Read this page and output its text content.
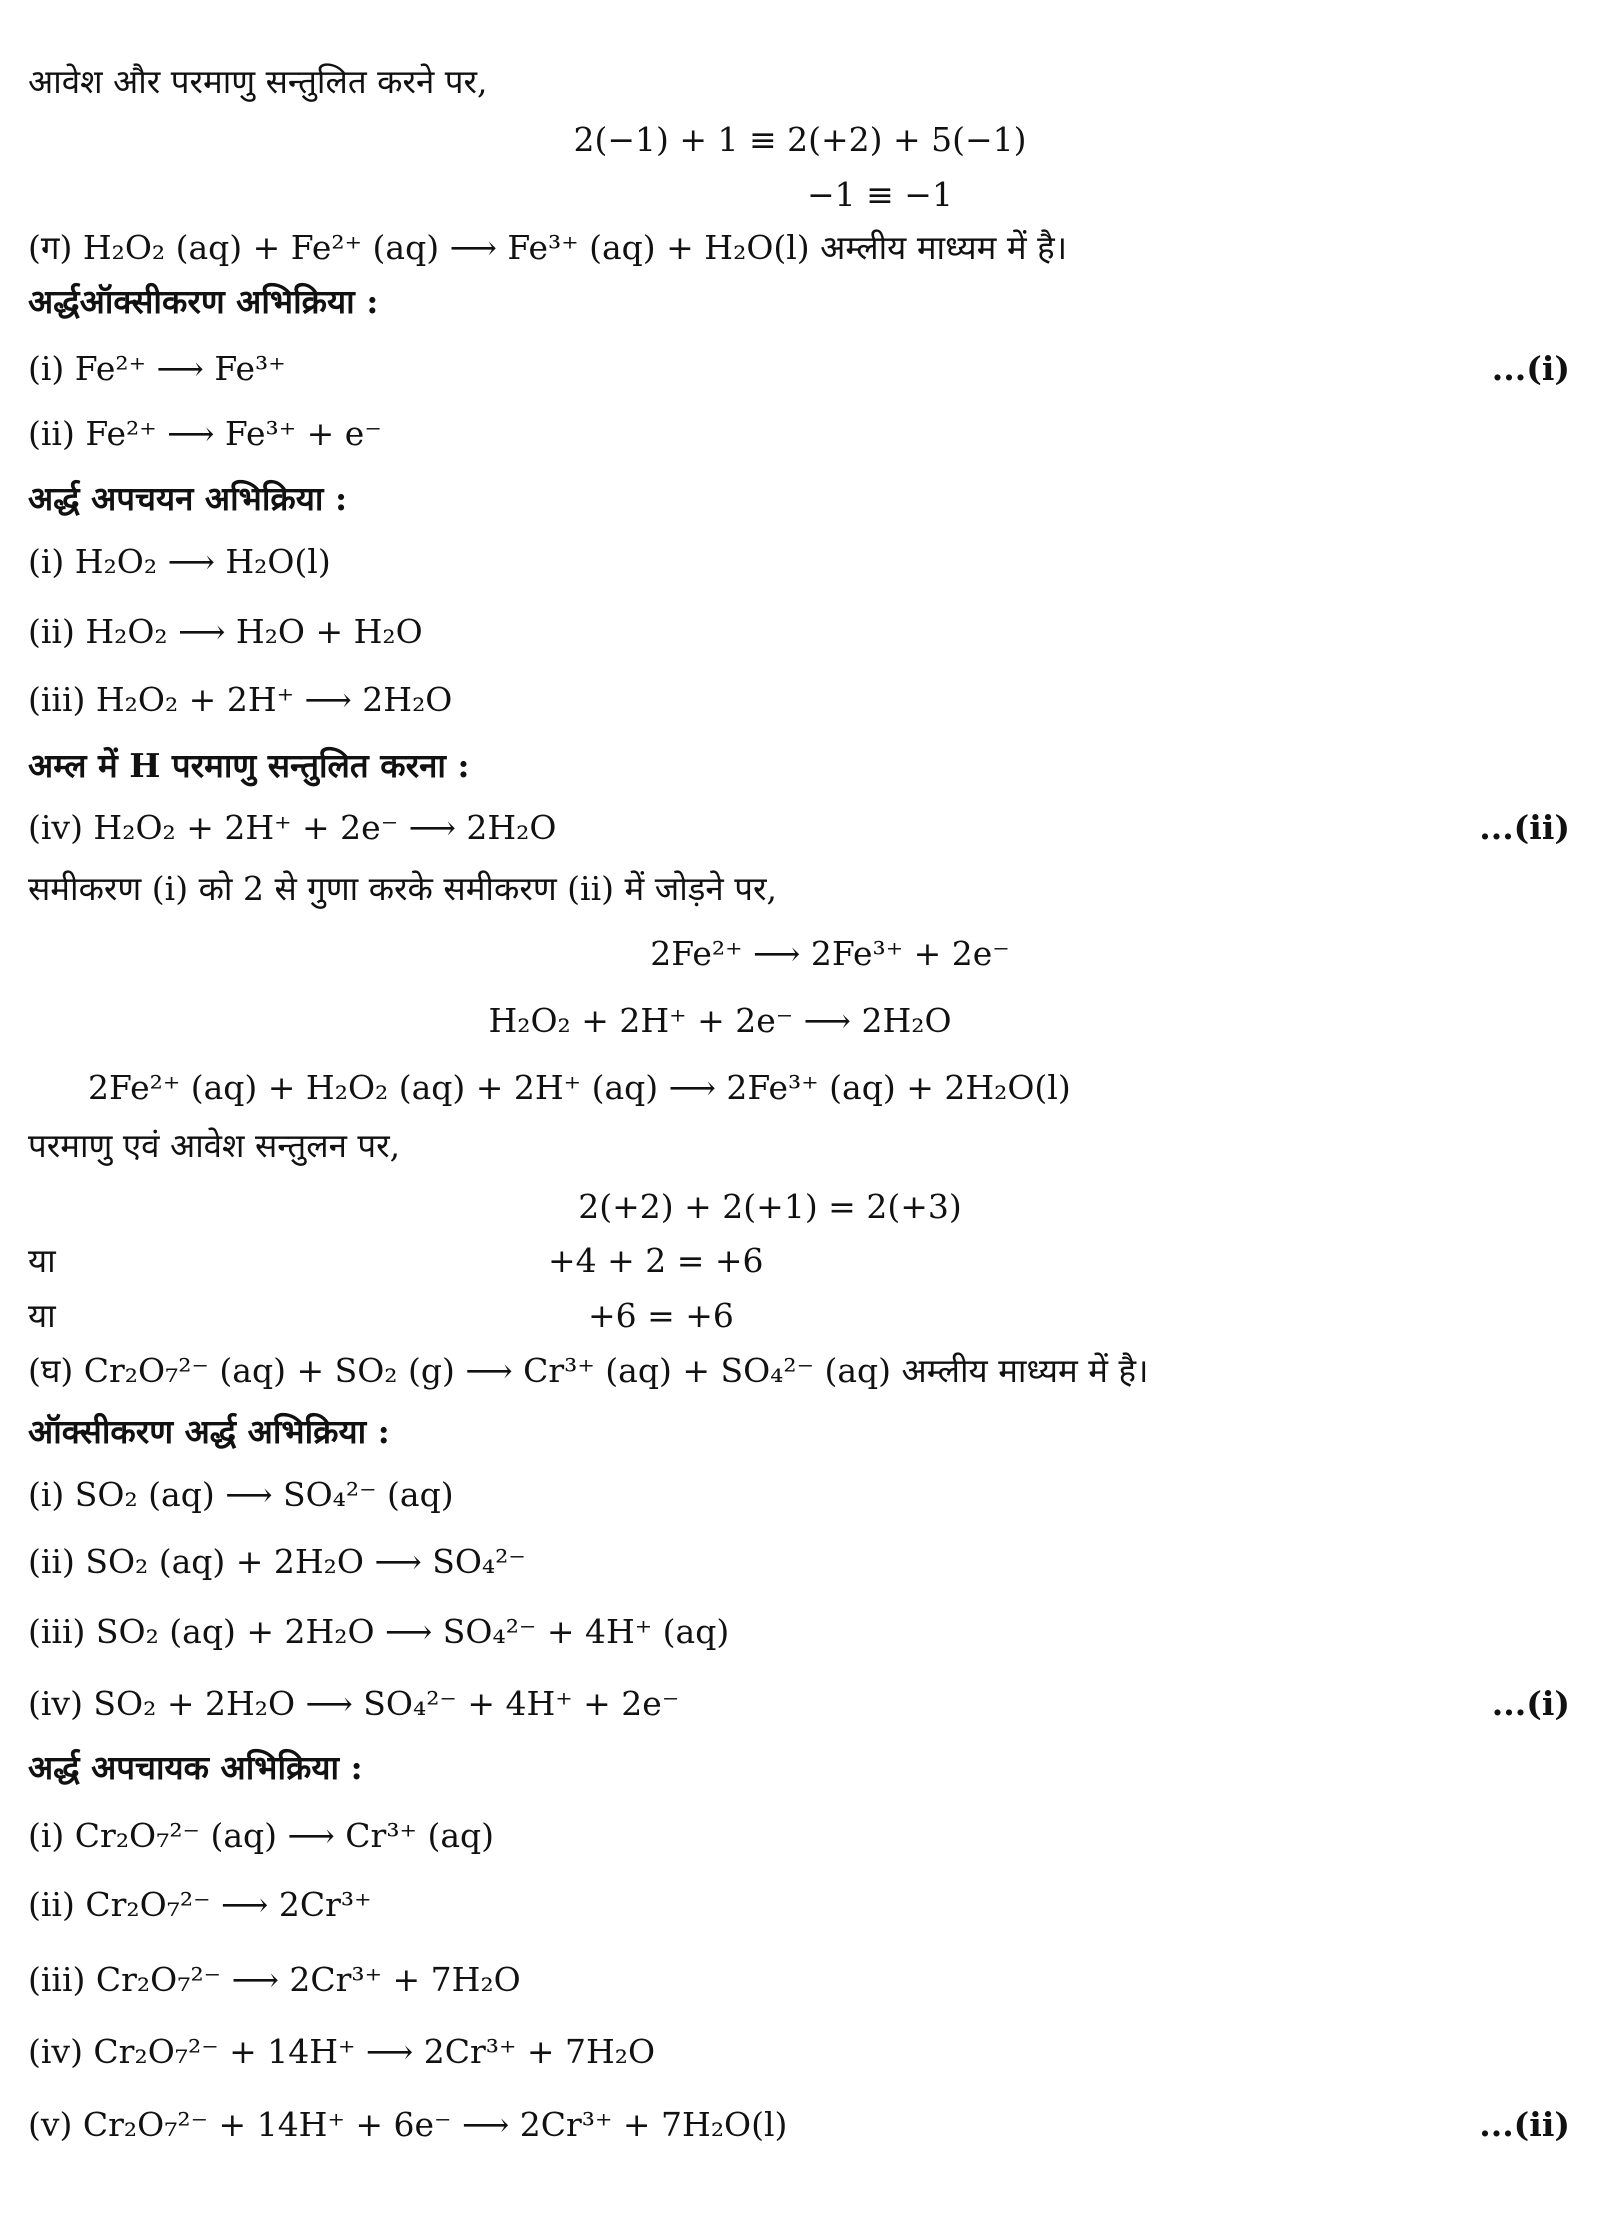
आवेश और परमाणु सन्तुलित करने पर,
2(−1) + 1 ≡ 2(+2) + 5(−1)
−1 ≡ −1
(ग) H₂O₂ (aq) + Fe²⁺ (aq) ⟶ Fe³⁺ (aq) + H₂O(l) अम्लीय माध्यम में है।
अर्द्धऑक्सीकरण अभिक्रिया :
(i) Fe²⁺ ⟶ Fe³⁺	...(i)
(ii) Fe²⁺ ⟶ Fe³⁺ + e⁻
अर्द्ध अपचयन अभिक्रिया :
(i) H₂O₂ ⟶ H₂O(l)
(ii) H₂O₂ ⟶ H₂O + H₂O
(iii) H₂O₂ + 2H⁺ ⟶ 2H₂O
अम्ल में H परमाणु सन्तुलित करना :
(iv) H₂O₂ + 2H⁺ + 2e⁻ ⟶ 2H₂O	...(ii)
समीकरण (i) को 2 से गुणा करके समीकरण (ii) में जोड़ने पर,
2Fe²⁺ ⟶ 2Fe³⁺ + 2e⁻
H₂O₂ + 2H⁺ + 2e⁻ ⟶ 2H₂O
2Fe²⁺ (aq) + H₂O₂ (aq) + 2H⁺ (aq) ⟶ 2Fe³⁺ (aq) + 2H₂O(l)
परमाणु एवं आवेश सन्तुलन पर,
2(+2) + 2(+1) = 2(+3)
या	+4 + 2 = +6
या	+6 = +6
(घ) Cr₂O₇²⁻ (aq) + SO₂ (g) ⟶ Cr³⁺ (aq) + SO₄²⁻ (aq) अम्लीय माध्यम में है।
ऑक्सीकरण अर्द्ध अभिक्रिया :
(i) SO₂ (aq) ⟶ SO₄²⁻ (aq)
(ii) SO₂ (aq) + 2H₂O ⟶ SO₄²⁻
(iii) SO₂ (aq) + 2H₂O ⟶ SO₄²⁻ + 4H⁺ (aq)
(iv) SO₂ + 2H₂O ⟶ SO₄²⁻ + 4H⁺ + 2e⁻	...(i)
अर्द्ध अपचायक अभिक्रिया :
(i) Cr₂O₇²⁻ (aq) ⟶ Cr³⁺ (aq)
(ii) Cr₂O₇²⁻ ⟶ 2Cr³⁺
(iii) Cr₂O₇²⁻ ⟶ 2Cr³⁺ + 7H₂O
(iv) Cr₂O₇²⁻ + 14H⁺ ⟶ 2Cr³⁺ + 7H₂O
(v) Cr₂O₇²⁻ + 14H⁺ + 6e⁻ ⟶ 2Cr³⁺ + 7H₂O(l)	...(ii)
